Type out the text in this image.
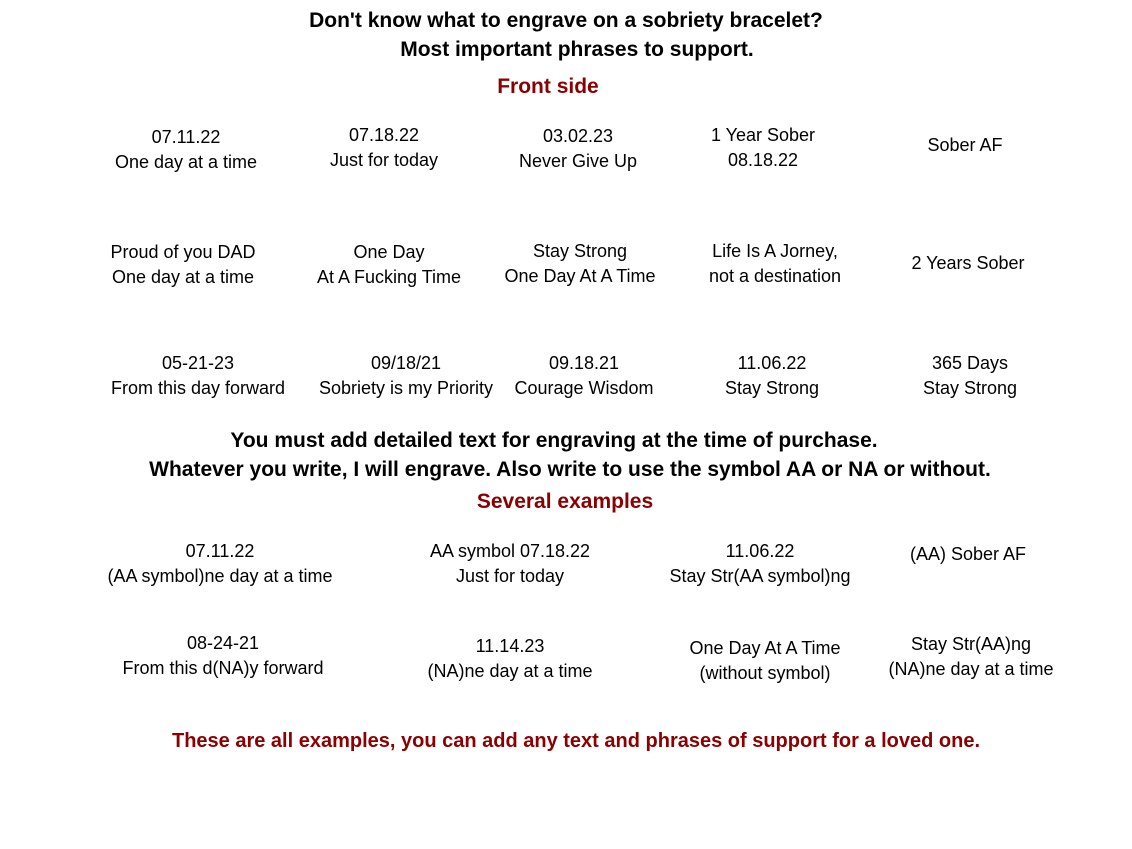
Don't know what to engrave on a sobriety bracelet?
Most important phrases to support.
Front side
07.11.22
One day at a time
07.18.22
Just for today
03.02.23
Never Give Up
1 Year Sober
08.18.22
Sober AF
Proud of you DAD
One day at a time
One Day
At A Fucking Time
Stay Strong
One Day At A Time
Life Is A Jorney,
not a destination
2 Years Sober
05-21-23
From this day forward
09/18/21
Sobriety is my Priority
09.18.21
Courage Wisdom
11.06.22
Stay Strong
365 Days
Stay Strong
You must add detailed text for engraving at the time of purchase.
Whatever you write, I will engrave. Also write to use the symbol AA or NA or without.
Several examples
07.11.22
(AA symbol)ne day at a time
AA symbol 07.18.22
Just for today
11.06.22
Stay Str(AA symbol)ng
(AA) Sober AF
08-24-21
From this d(NA)y forward
11.14.23
(NA)ne day at a time
One Day At A Time
(without symbol)
Stay Str(AA)ng
(NA)ne day at a time
These are all examples, you can add any text and phrases of support for a loved one.
